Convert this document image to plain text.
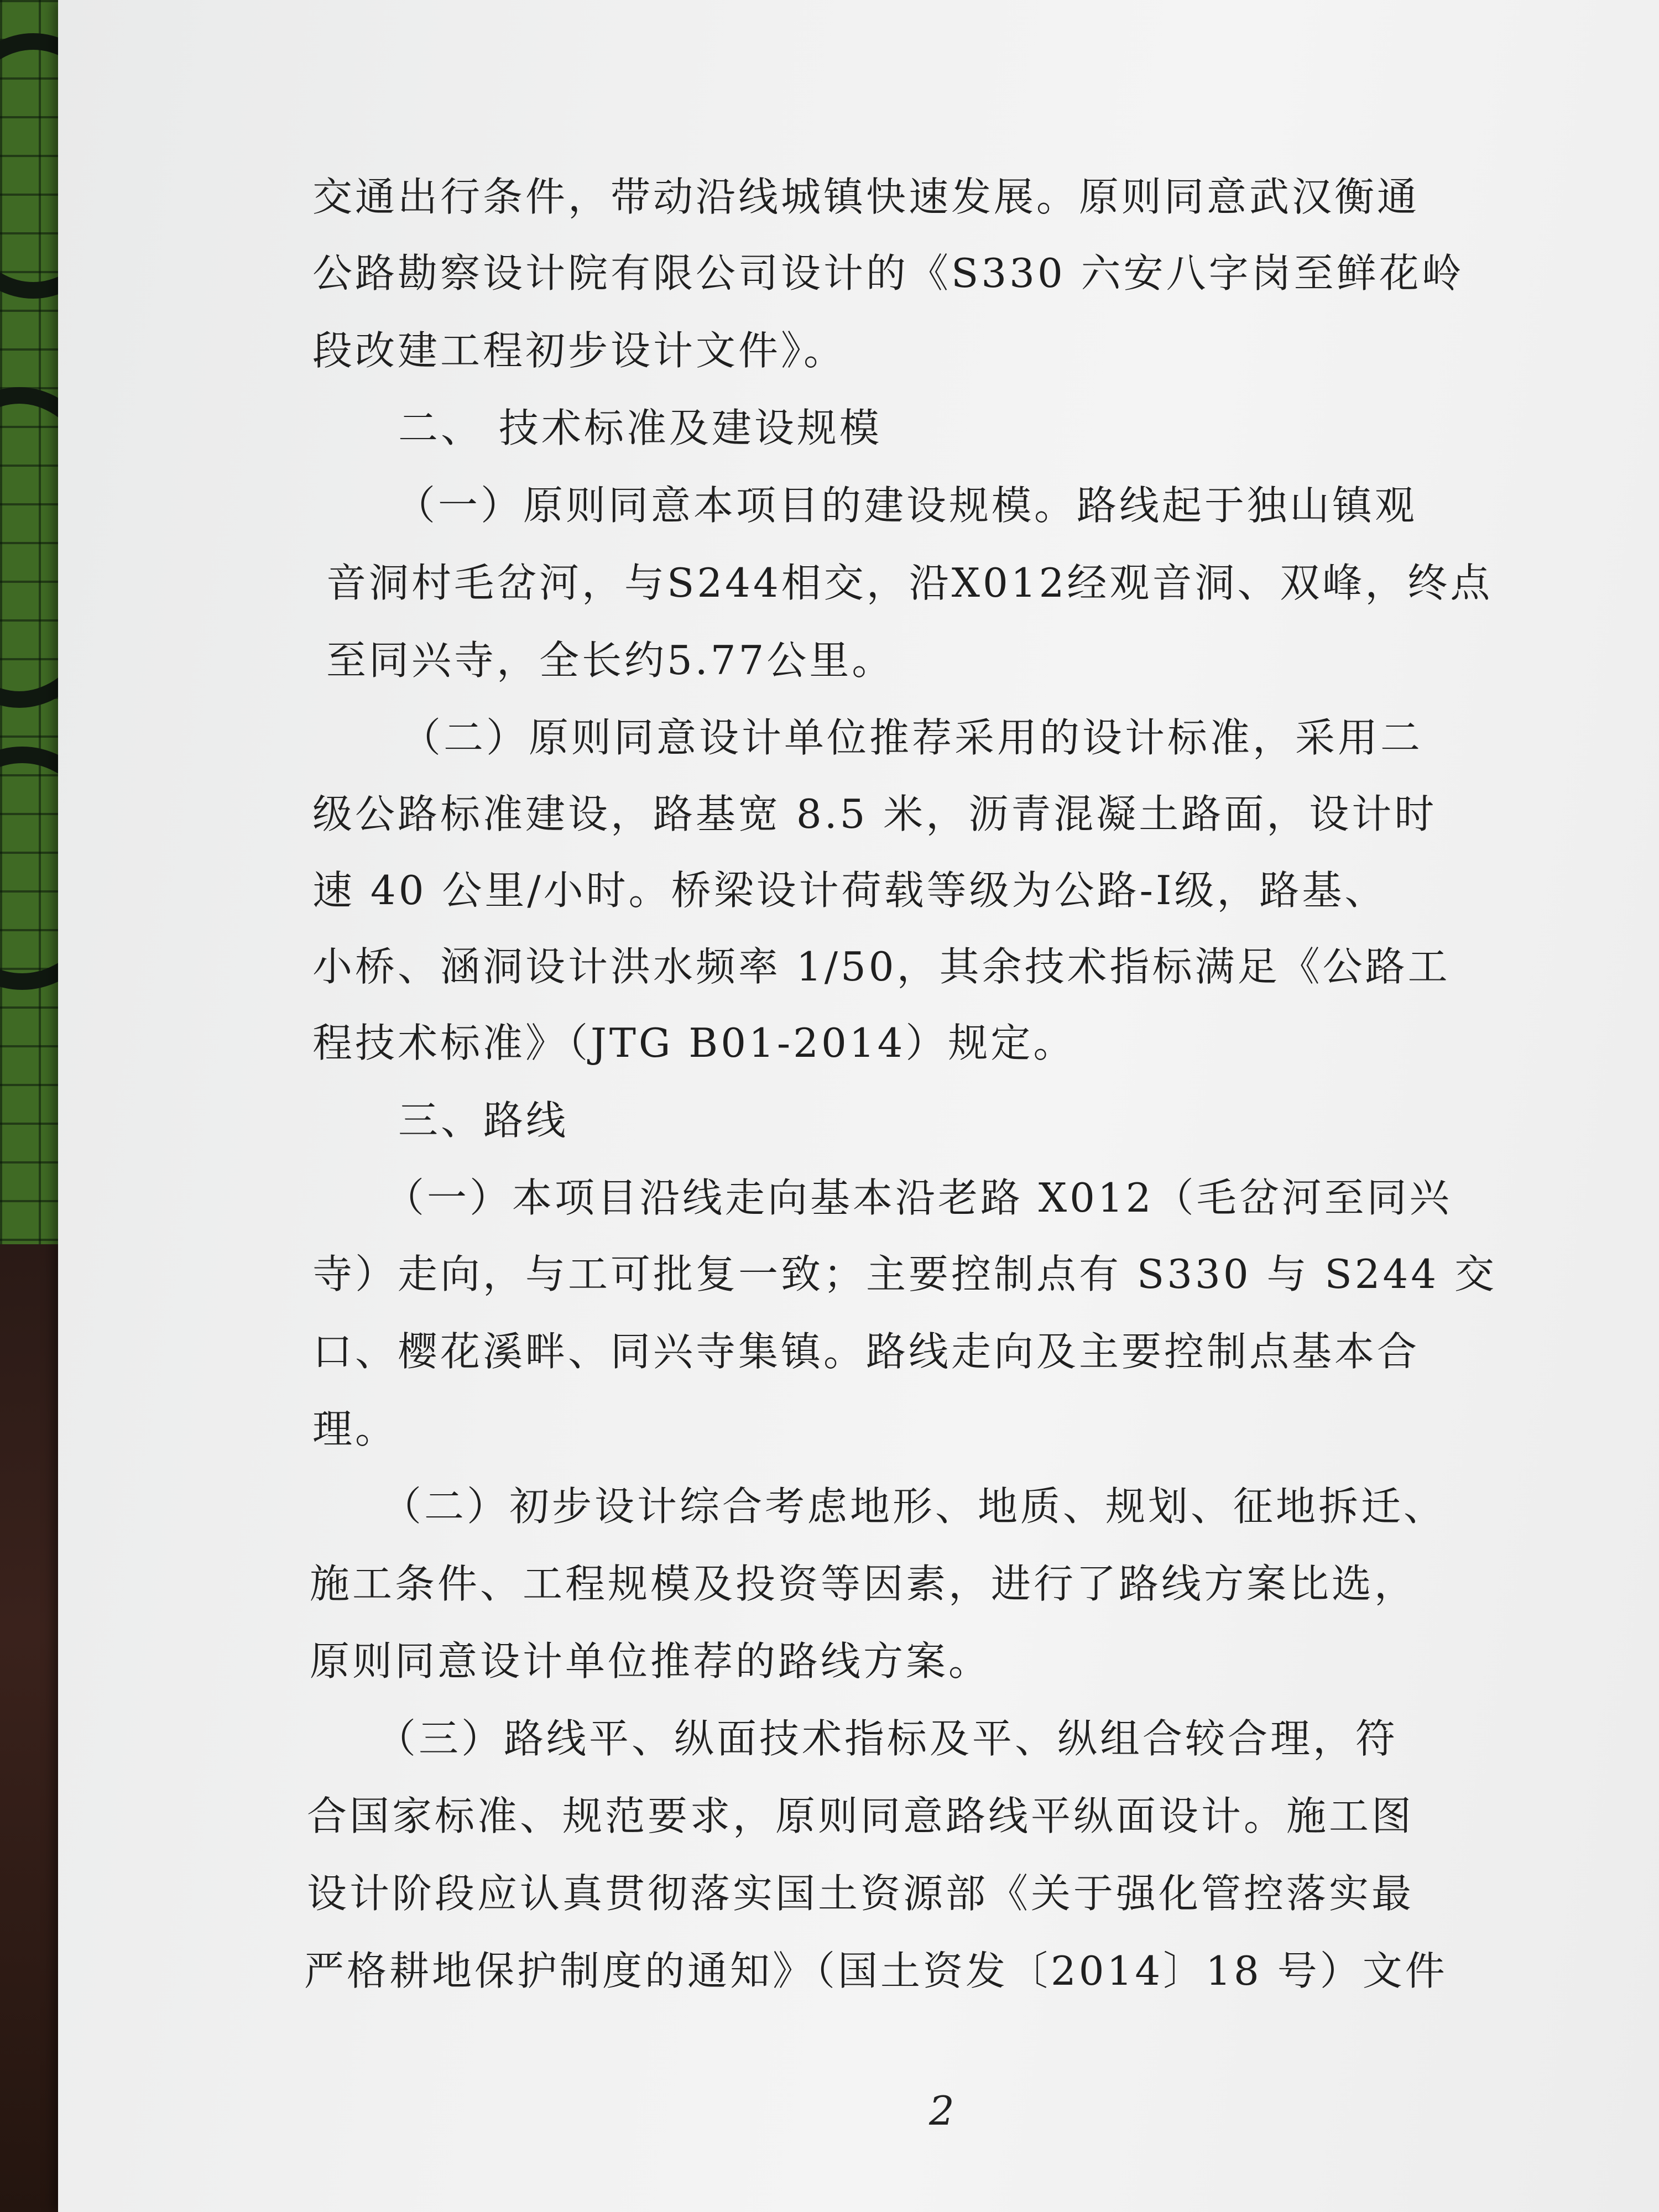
交通出行条件，带动沿线城镇快速发展。原则同意武汉衡通
公路勘察设计院有限公司设计的《S330 六安八字岗至鲜花岭
段改建工程初步设计文件》。
二、 技术标准及建设规模
（一）原则同意本项目的建设规模。路线起于独山镇观
音洞村毛岔河，与S244相交，沿X012经观音洞、双峰，终点
至同兴寺，全长约5.77公里。
（二）原则同意设计单位推荐采用的设计标准，采用二
级公路标准建设，路基宽 8.5 米，沥青混凝土路面，设计时
速 40 公里/小时。桥梁设计荷载等级为公路-Ⅰ级，路基、
小桥、涵洞设计洪水频率 1/50，其余技术指标满足《公路工
程技术标准》（JTG B01-2014）规定。
三、路线
（一）本项目沿线走向基本沿老路 X012（毛岔河至同兴
寺）走向，与工可批复一致；主要控制点有 S330 与 S244 交
口、樱花溪畔、同兴寺集镇。路线走向及主要控制点基本合
理。
（二）初步设计综合考虑地形、地质、规划、征地拆迁、
施工条件、工程规模及投资等因素，进行了路线方案比选，
原则同意设计单位推荐的路线方案。
（三）路线平、纵面技术指标及平、纵组合较合理，符
合国家标准、规范要求，原则同意路线平纵面设计。施工图
设计阶段应认真贯彻落实国土资源部《关于强化管控落实最
严格耕地保护制度的通知》（国土资发〔2014〕18 号）文件
2
